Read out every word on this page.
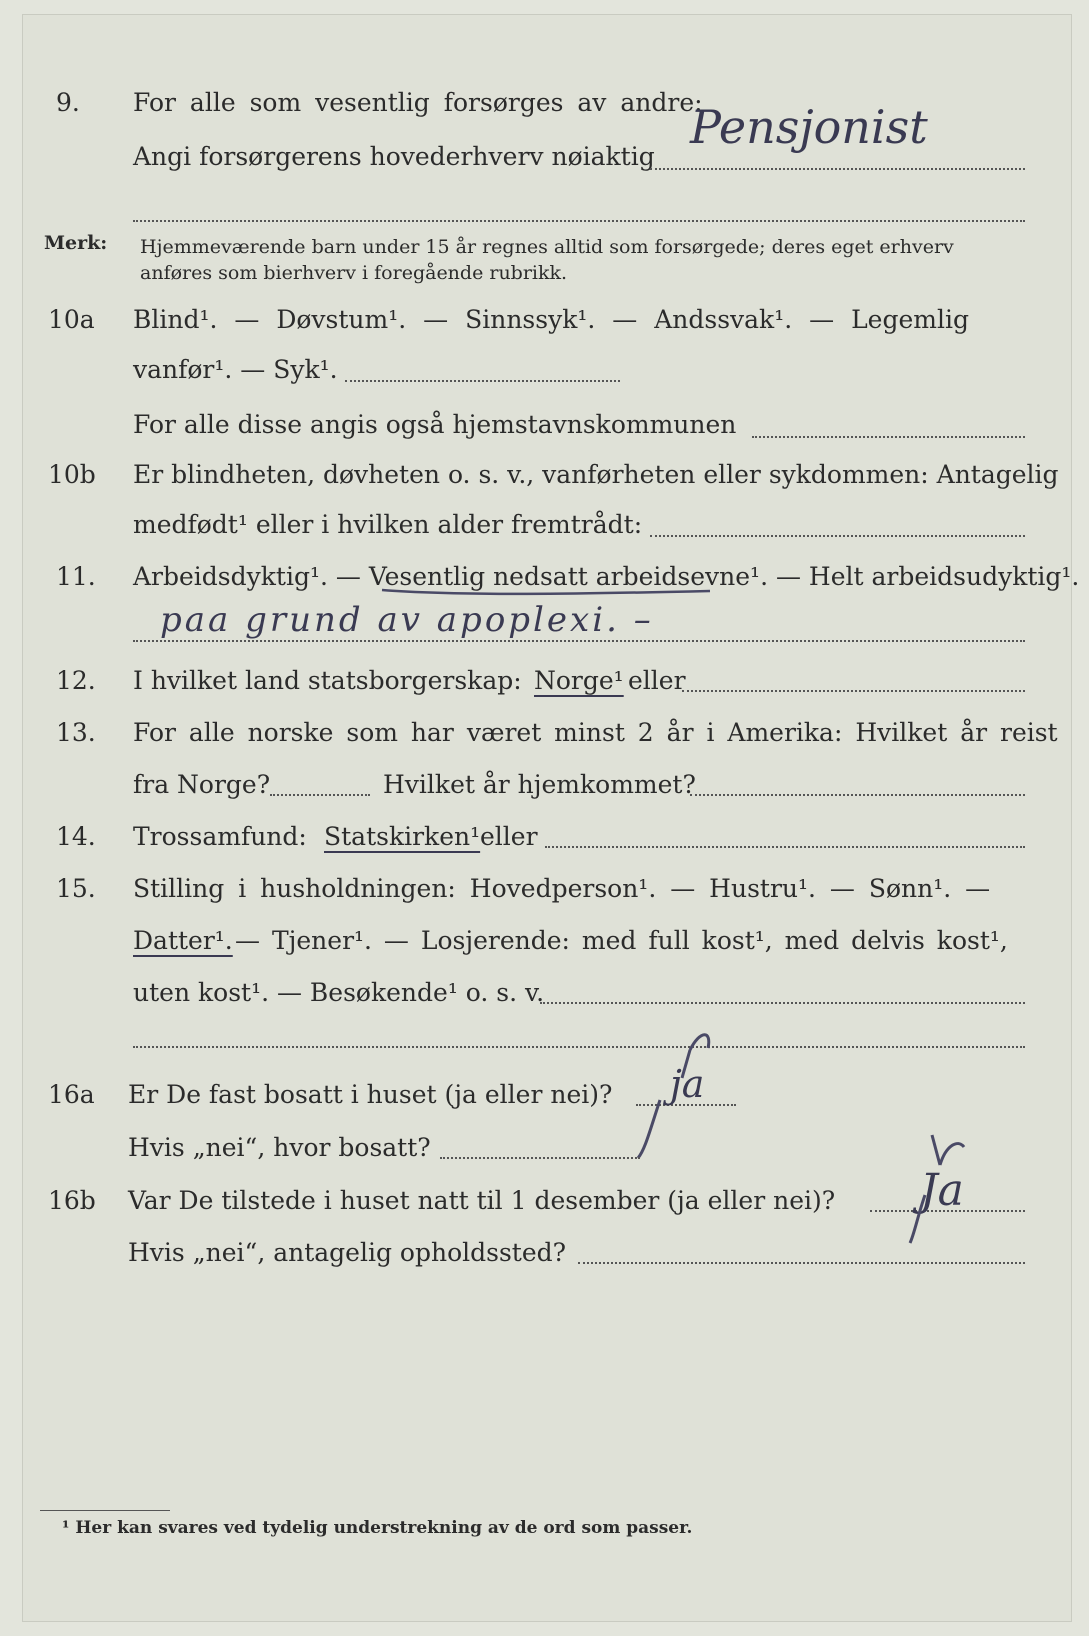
9. For alle som vesentlig forsørges av andre:
Angi forsørgerens hovederhverv nøiaktig
Pensjonist
Merk: Hjemmeværende barn under 15 år regnes alltid som forsørgede; deres eget erhverv anføres som bierhverv i foregående rubrikk.
10a Blind¹. — Døvstum¹. — Sinnssyk¹. — Andssvak¹. — Legemlig
vanfør¹. — Syk¹.
For alle disse angis også hjemstavnskommunen
10b Er blindheten, døvheten o. s. v., vanførheten eller sykdommen: Antagelig
medfødt¹ eller i hvilken alder fremtrådt:
11. Arbeidsdyktig¹. — Vesentlig nedsatt arbeidsevne¹. — Helt arbeidsudyktig¹.
paa grund av apoplexi. –
12. I hvilket land statsborgerskap: Norge¹ eller
13. For alle norske som har været minst 2 år i Amerika: Hvilket år reist
fra Norge?	Hvilket år hjemkommet?
14. Trossamfund: Statskirken¹ eller
15. Stilling i husholdningen: Hovedperson¹. — Hustru¹. — Sønn¹. —
Datter¹. — Tjener¹. — Losjerende: med full kost¹, med delvis kost¹,
uten kost¹. — Besøkende¹ o. s. v.
16a Er De fast bosatt i huset (ja eller nei)? ja
Hvis „nei“, hvor bosatt?
16b Var De tilstede i huset natt til 1 desember (ja eller nei)? Ja
Hvis „nei“, antagelig opholdssted?
¹ Her kan svares ved tydelig understrekning av de ord som passer.
